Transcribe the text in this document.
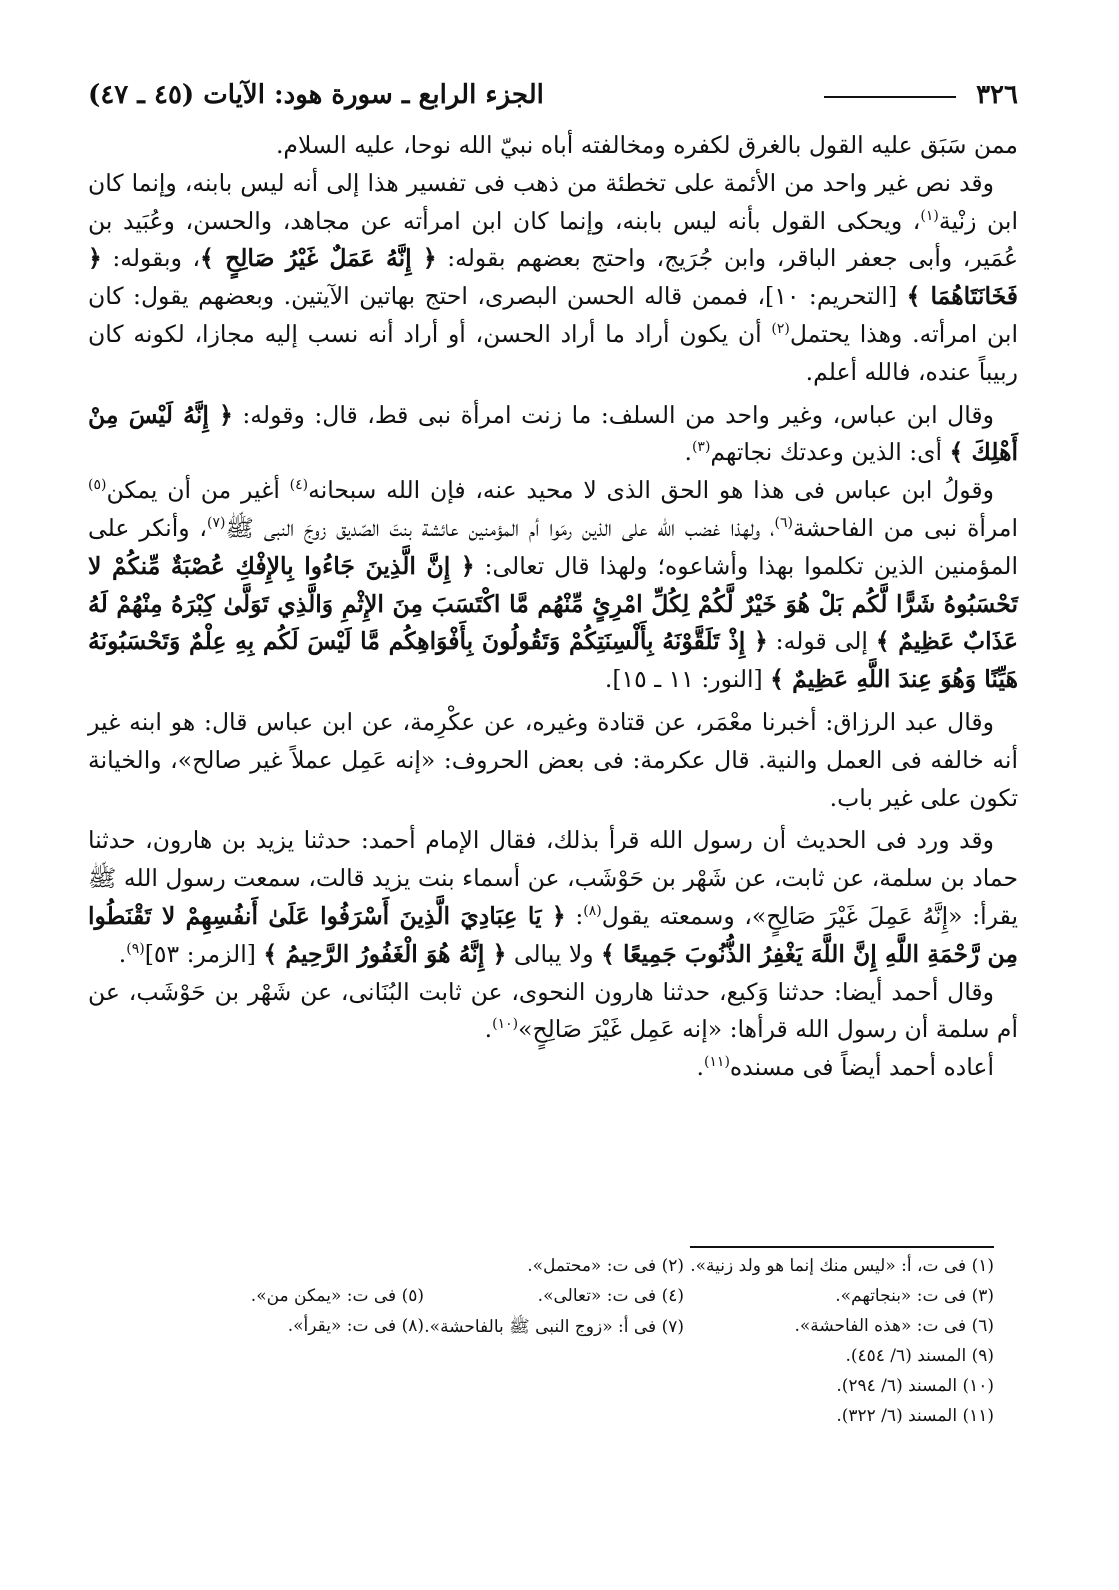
٣٢٦
الجزء الرابع ـ سورة هود: الآيات (٤٥ ـ ٤٧)

ممن سَبَق عليه القول بالغرق لكفره ومخالفته أباه نبيّ الله نوحا، عليه السلام.

وقد نص غير واحد من الأئمة على تخطئة من ذهب فى تفسير هذا إلى أنه ليس بابنه، وإنما كان ابن زنْية$^{(١)}$، ويحكى القول بأنه ليس بابنه، وإنما كان ابن امرأته عن مجاهد، والحسن، وعُبَيد بن عُمَير، وأبى جعفر الباقر، وابن جُرَيج، واحتج بعضهم بقوله: ﴿ إِنَّهُ عَمَلٌ غَيْرُ صَالِحٍ ﴾، وبقوله: ﴿ فَخَانَتَاهُمَا ﴾ [التحريم: ١٠]، فممن قاله الحسن البصرى، احتج بهاتين الآيتين. وبعضهم يقول: كان ابن امرأته. وهذا يحتمل$^{(٢)}$ أن يكون أراد ما أراد الحسن، أو أراد أنه نسب إليه مجازا، لكونه كان ربيباً عنده، فالله أعلم.

وقال ابن عباس، وغير واحد من السلف: ما زنت امرأة نبى قط، قال: وقوله: ﴿ إِنَّهُ لَيْسَ مِنْ أَهْلِكَ ﴾ أى: الذين وعدتك نجاتهم$^{(٣)}$.

وقولُ ابن عباس فى هذا هو الحق الذى لا محيد عنه، فإن الله سبحانه$^{(٤)}$ أغير من أن يمكن$^{(٥)}$ امرأة نبى من الفاحشة$^{(٦)}$، ولهذا غضب الله على الذين رمَوا أم المؤمنين عائشة بنتَ الصّديق زوجَ النبى ﷺ$^{(٧)}$، وأنكر على المؤمنين الذين تكلموا بهذا وأشاعوه؛ ولهذا قال تعالى: ﴿ إِنَّ الَّذِينَ جَاءُوا بِالإِفْكِ عُصْبَةٌ مِّنكُمْ لا تَحْسَبُوهُ شَرًّا لَّكُم بَلْ هُوَ خَيْرٌ لَّكُمْ لِكُلِّ امْرِئٍ مِّنْهُم مَّا اكْتَسَبَ مِنَ الإِثْمِ وَالَّذِي تَوَلَّىٰ كِبْرَهُ مِنْهُمْ لَهُ عَذَابٌ عَظِيمٌ ﴾ إلى قوله: ﴿ إِذْ تَلَقَّوْنَهُ بِأَلْسِنَتِكُمْ وَتَقُولُونَ بِأَفْوَاهِكُم مَّا لَيْسَ لَكُم بِهِ عِلْمٌ وَتَحْسَبُونَهُ هَيِّنًا وَهُوَ عِندَ اللَّهِ عَظِيمٌ ﴾ [النور: ١١ ـ ١٥].

وقال عبد الرزاق: أخبرنا معْمَر، عن قتادة وغيره، عن عكْرِمة، عن ابن عباس قال: هو ابنه غير أنه خالفه فى العمل والنية. قال عكرمة: فى بعض الحروف: «إنه عَمِل عملاً غير صالح»، والخيانة تكون على غير باب.

وقد ورد فى الحديث أن رسول الله قرأ بذلك، فقال الإمام أحمد: حدثنا يزيد بن هارون، حدثنا حماد بن سلمة، عن ثابت، عن شَهْر بن حَوْشَب، عن أسماء بنت يزيد قالت، سمعت رسول الله ﷺ يقرأ: «إِنَّهُ عَمِلَ غَيْرَ صَالِحٍ»، وسمعته يقول$^{(٨)}$: ﴿ يَا عِبَادِيَ الَّذِينَ أَسْرَفُوا عَلَىٰ أَنفُسِهِمْ لا تَقْنَطُوا مِن رَّحْمَةِ اللَّهِ إِنَّ اللَّهَ يَغْفِرُ الذُّنُوبَ جَمِيعًا ﴾ ولا يبالى ﴿ إِنَّهُ هُوَ الْغَفُورُ الرَّحِيمُ ﴾ [الزمر: ٥٣]$^{(٩)}$.

وقال أحمد أيضا: حدثنا وَكيع، حدثنا هارون النحوى، عن ثابت البُنَانى، عن شَهْر بن حَوْشَب، عن أم سلمة أن رسول الله قرأها: «إنه عَمِل غَيْرَ صَالِحٍ»$^{(١٠)}$.

أعاده أحمد أيضاً فى مسنده$^{(١١)}$.

(١) فى ت، أ: «ليس منك إنما هو ولد زنية».
(٢) فى ت: «محتمل».
(٣) فى ت: «بنجاتهم».
(٤) فى ت: «تعالى».
(٥) فى ت: «يمكن من».
(٦) فى ت: «هذه الفاحشة».
(٧) فى أ: «زوج النبى ﷺ بالفاحشة».
(٨) فى ت: «يقرأ».
(٩) المسند (٦/ ٤٥٤).
(١٠) المسند (٦/ ٢٩٤).
(١١) المسند (٦/ ٣٢٢).
